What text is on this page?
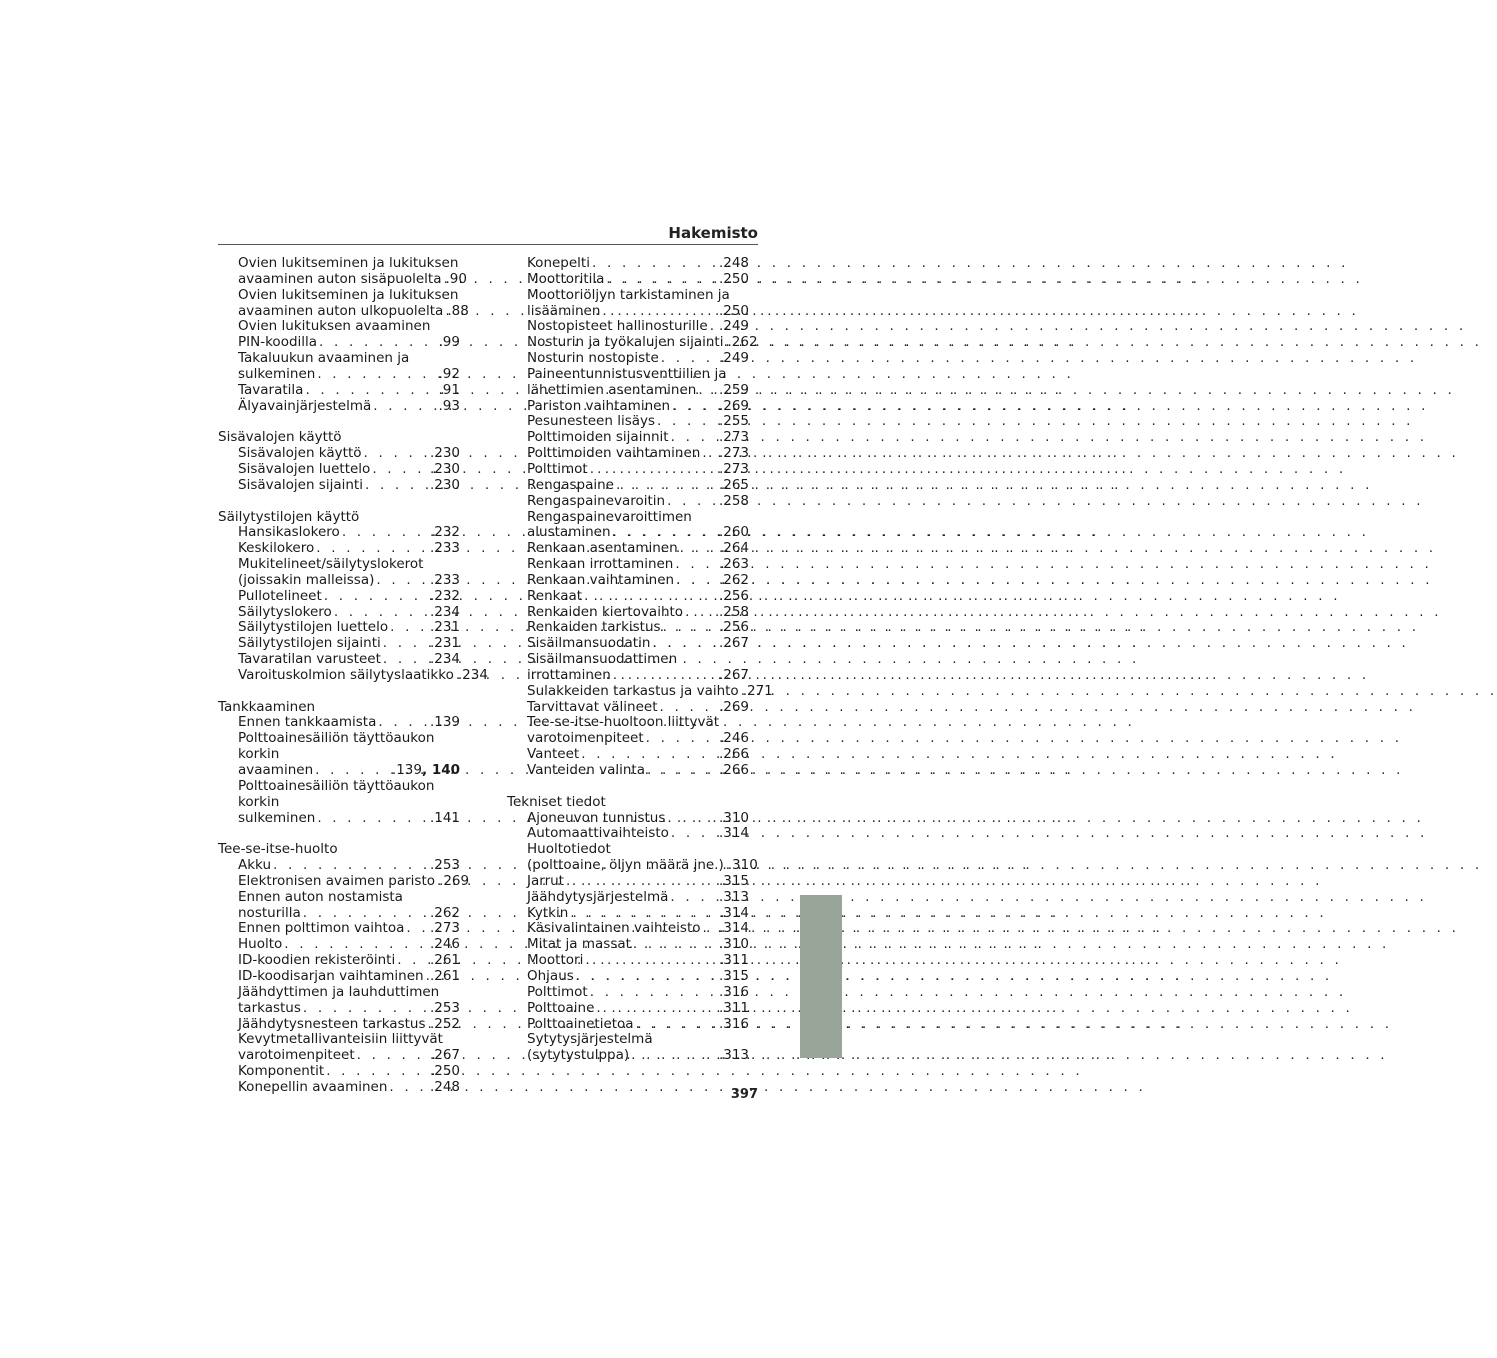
Hakemisto
Ovien lukitseminen ja lukituksen
avaaminen auton sisäpuolelta . . . .90
Ovien lukitseminen ja lukituksen
avaaminen auton ulkopuolelta . . . .88
Ovien lukituksen avaaminen
PIN-koodilla . . .	.99
Takaluukun avaaminen ja
sulkeminen . . .	.92
Tavaratila . . .	.91
Älyavainjärjestelmä . . .	.93
Sisävalojen käyttö
Sisävalojen käyttö . . .	.230
Sisävalojen luettelo . . .	.230
Sisävalojen sijainti . . .	.230
Säilytystilojen käyttö
Hansikaslokero . . .	.232
Keskilokero . . .	.233
Mukitelineet/säilytyslokerot
(joissakin malleissa) . . .	.233
Pullotelineet . . .	.232
Säilytyslokero . . .	.234
Säilytystilojen luettelo . . .	.231
Säilytystilojen sijainti . . .	.231
Tavaratilan varusteet . . .	.234
Varoituskolmion säilytyslaatikko . . . .234
Tankkaaminen
Ennen tankkaamista . . .	.139
Polttoainesäiliön täyttöaukon korkin
avaaminen . . .	.139 , 140
Polttoainesäiliön täyttöaukon korkin
sulkeminen . . .	.141
Tee-se-itse-huolto
Akku . . .	.253
Elektronisen avaimen paristo . . . .269
Ennen auton nostamista
nosturilla . . .	.262
Ennen polttimon vaihtoa . . . .273
Huolto . . .	.246
ID-koodien rekisteröinti . . .	.261
ID-koodisarjan vaihtaminen . . . .261
Jäähdyttimen ja lauhduttimen
tarkastus . . .	.253
Jäähdytysnesteen tarkastus . . . .252
Kevytmetallivanteisiin liittyvät
varotoimenpiteet . . .	.267
Komponentit . . .	.250
Konepellin avaaminen . . .	.248
Konepelti . . .	.248
Moottoritila . . .	.250
Moottoriöljyn tarkistaminen ja
lisääminen . . .	.250
Nostopisteet hallinosturille . . . .249
Nosturin ja työkalujen sijainti . . . .262
Nosturin nostopiste . . .	.249
Paineentunnistusventtiilien ja
lähettimien asentaminen . . . .259
Pariston vaihtaminen . . .	.269
Pesunesteen lisäys . . .	.255
Polttimoiden sijainnit . . .	.273
Polttimoiden vaihtaminen . . . .273
Polttimot . . .	.273
Rengaspaine . . .	.265
Rengaspainevaroitin . . .	.258
Rengaspainevaroittimen
alustaminen . . .	.260
Renkaan asentaminen . . .	.264
Renkaan irrottaminen . . .	.263
Renkaan vaihtaminen . . .	.262
Renkaat . . .	.256
Renkaiden kiertovaihto . . .	.258
Renkaiden tarkistus . . .	.256
Sisäilmansuodatin . . .	.267
Sisäilmansuodattimen
irrottaminen . . .	.267
Sulakkeiden tarkastus ja vaihto . . . .271
Tarvittavat välineet . . .	.269
Tee-se-itse-huoltoon liittyvät
varotoimenpiteet . . .	.246
Vanteet . . .	.266
Vanteiden valinta . . .	.266
Tekniset tiedot
Ajoneuvon tunnistus . . .	.310
Automaattivaihteisto . . .	.314
Huoltotiedot
(polttoaine, öljyn määrä jne.) . . . .310
Jarrut . . .	.315
Jäähdytysjärjestelmä . . .	.313
Kytkin . . .	.314
Käsivalintainen vaihteisto . . . .314
Mitat ja massat . . .	.310
Moottori . . .	.311
Ohjaus . . .	.315
Polttimot . . .	.316
Polttoaine . . .	.311
Polttoainetietoa . . .	.316
Sytytysjärjestelmä
(sytytystulppa) . . .	.313
397
